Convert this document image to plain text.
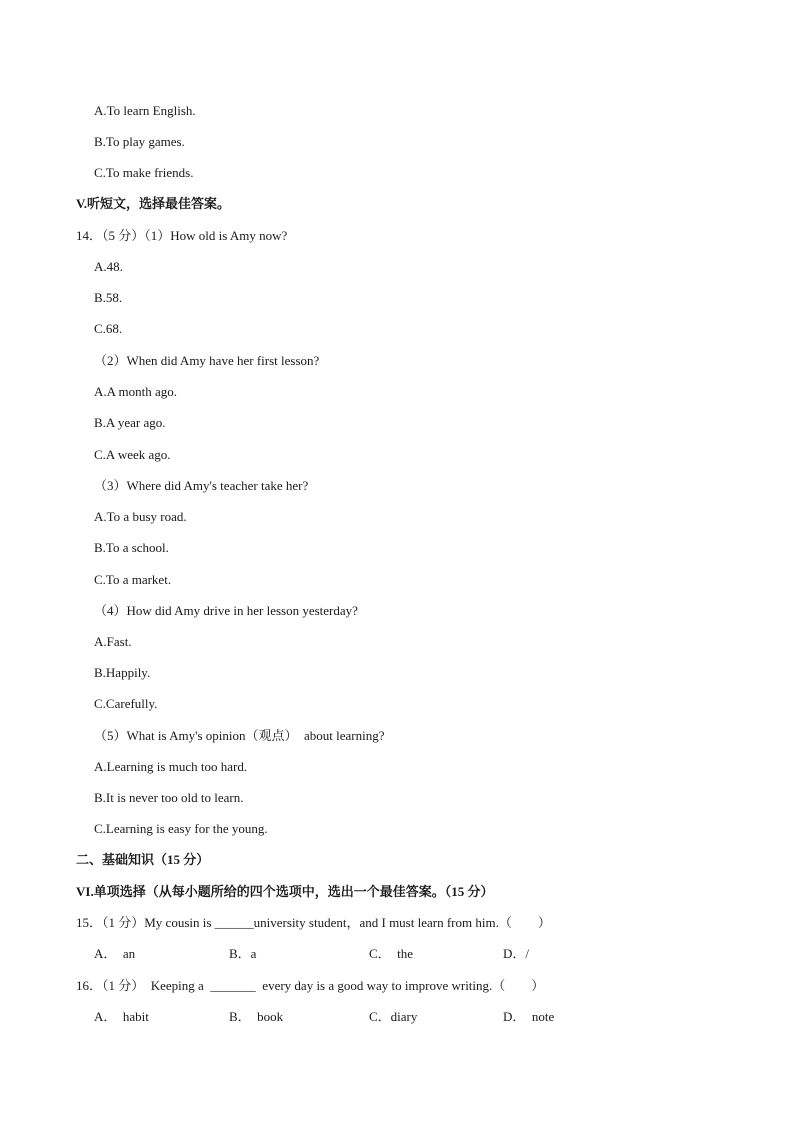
A.To learn English.
B.To play games.
C.To make friends.
V.听短文，选择最佳答案。
14．（5 分）（1）How old is Amy now?
A.48.
B.58.
C.68.
（2）When did Amy have her first lesson?
A.A month ago.
B.A year ago.
C.A week ago.
（3）Where did Amy's teacher take her?
A.To a busy road.
B.To a school.
C.To a market.
（4）How did Amy drive in her lesson yesterday?
A.Fast.
B.Happily.
C.Carefully.
（5）What is Amy's opinion（观点）  about learning?
A.Learning is much too hard.
B.It is never too old to learn.
C.Learning is easy for the young.
二、基础知识（15 分）
VI.单项选择（从每小题所给的四个选项中，选出一个最佳答案。（15 分）
15．（1 分）My cousin is ______university student，and I must learn from him.（　　）
A．  an	B．a	C．  the	D．/
16．（1 分）  Keeping a  _______  every day is a good way to improve writing.（　　）
A．  habit	B．  book	C．diary	D．  note
